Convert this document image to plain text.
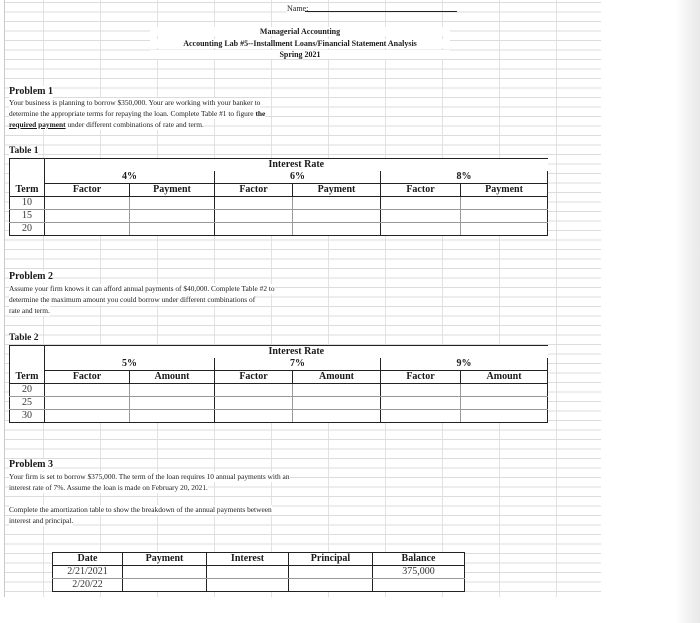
Name:
Managerial Accounting
Accounting Lab #5--Installment Loans/Financial Statement Analysis
Spring 2021
Problem 1
Your business is planning to borrow $350,000. Your are working with your banker to
determine the appropriate terms for repaying the loan. Complete Table #1 to figure the
required payment under different combinations of rate and term.
Table 1
	Interest Rate					
	4%		6%		8%	
Term	Factor	Payment	Factor	Payment	Factor	Payment
10						
15						
20						
Problem 2
Assume your firm knows it can afford annual payments of $40,000. Complete Table #2 to
determine the maximum amount you could borrow under different combinations of
rate and term.
Table 2
	Interest Rate					
	5%		7%		9%	
Term	Factor	Amount	Factor	Amount	Factor	Amount
20						
25						
30						
Problem 3
Your firm is set to borrow $375,000. The term of the loan requires 10 annual payments with an
interest rate of 7%. Assume the loan is made on February 20, 2021.
Complete the amortization table to show the breakdown of the annual payments between
interest and principal.
Date	Payment	Interest	Principal	Balance
2/21/2021				375,000
2/20/22				
